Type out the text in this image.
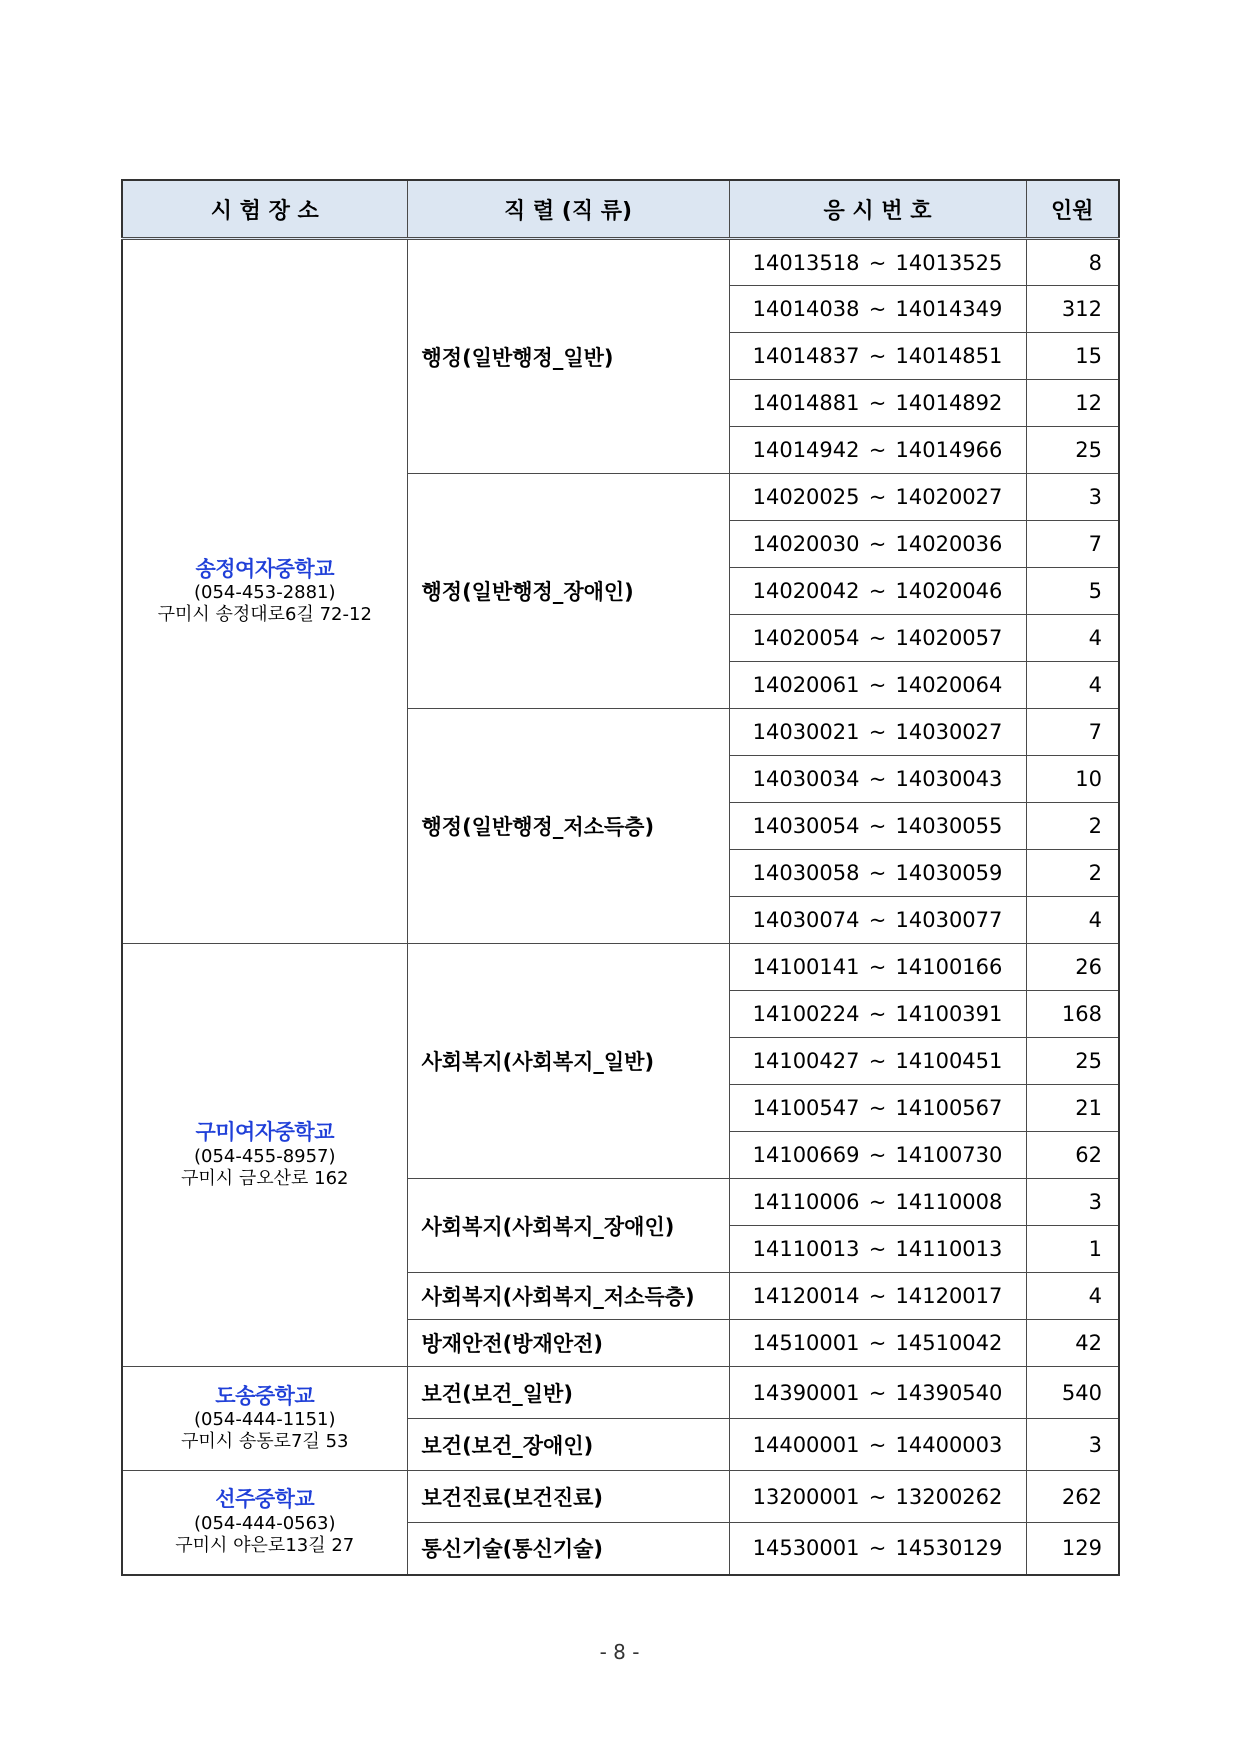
시 험 장 소	직 렬 (직 류)	응 시 번 호	인원

송정여자중학교
(054-453-2881)
구미시 송정대로6길 72-12	행정(일반행정_일반)	14013518 ~ 14013525	8
		14014038 ~ 14014349	312
		14014837 ~ 14014851	15
		14014881 ~ 14014892	12
		14014942 ~ 14014966	25
	행정(일반행정_장애인)	14020025 ~ 14020027	3
		14020030 ~ 14020036	7
		14020042 ~ 14020046	5
		14020054 ~ 14020057	4
		14020061 ~ 14020064	4
	행정(일반행정_저소득층)	14030021 ~ 14030027	7
		14030034 ~ 14030043	10
		14030054 ~ 14030055	2
		14030058 ~ 14030059	2
		14030074 ~ 14030077	4

구미여자중학교
(054-455-8957)
구미시 금오산로 162	사회복지(사회복지_일반)	14100141 ~ 14100166	26
		14100224 ~ 14100391	168
		14100427 ~ 14100451	25
		14100547 ~ 14100567	21
		14100669 ~ 14100730	62
	사회복지(사회복지_장애인)	14110006 ~ 14110008	3
		14110013 ~ 14110013	1
	사회복지(사회복지_저소득층)	14120014 ~ 14120017	4
	방재안전(방재안전)	14510001 ~ 14510042	42

도송중학교
(054-444-1151)
구미시 송동로7길 53	보건(보건_일반)	14390001 ~ 14390540	540
	보건(보건_장애인)	14400001 ~ 14400003	3

선주중학교
(054-444-0563)
구미시 야은로13길 27	보건진료(보건진료)	13200001 ~ 13200262	262
	통신기술(통신기술)	14530001 ~ 14530129	129
- 8 -
